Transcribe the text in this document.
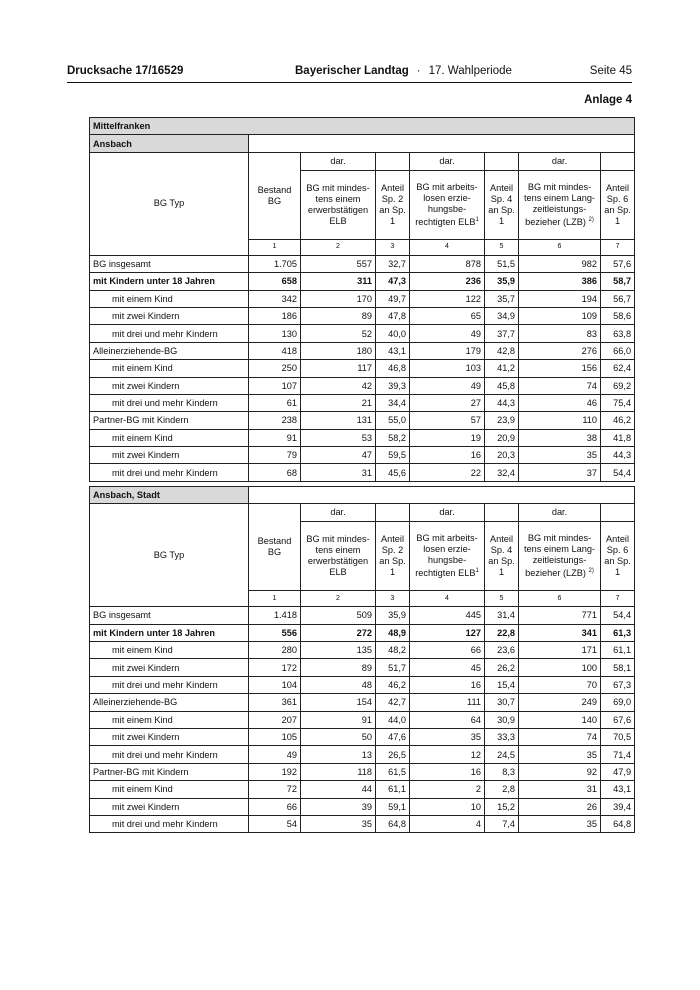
Drucksache 17/16529	Bayerischer Landtag · 17. Wahlperiode	Seite 45
Anlage 4
Mittelfranken							
Ansbach							
BG Typ	Bestand BG	dar.		dar.		dar.	
		BG mit mindes-tens einem erwerbstätigen ELB	Anteil Sp. 2 an Sp. 1	BG mit arbeits-losen erzie-hungsbe-rechtigten ELB$^1$	Anteil Sp. 4 an Sp. 1	BG mit mindes-tens einem Lang-zeitleistungs-bezieher (LZB) $^{2)}$	Anteil Sp. 6 an Sp. 1
	1	2	3	4	5	6	7
BG insgesamt	1.705	557	32,7	878	51,5	982	57,6
mit Kindern unter 18 Jahren	658	311	47,3	236	35,9	386	58,7
mit einem Kind	342	170	49,7	122	35,7	194	56,7
mit zwei Kindern	186	89	47,8	65	34,9	109	58,6
mit drei und mehr Kindern	130	52	40,0	49	37,7	83	63,8
Alleinerziehende-BG	418	180	43,1	179	42,8	276	66,0
mit einem Kind	250	117	46,8	103	41,2	156	62,4
mit zwei Kindern	107	42	39,3	49	45,8	74	69,2
mit drei und mehr Kindern	61	21	34,4	27	44,3	46	75,4
Partner-BG mit Kindern	238	131	55,0	57	23,9	110	46,2
mit einem Kind	91	53	58,2	19	20,9	38	41,8
mit zwei Kindern	79	47	59,5	16	20,3	35	44,3
mit drei und mehr Kindern	68	31	45,6	22	32,4	37	54,4

Ansbach, Stadt							
BG Typ	Bestand BG	dar.		dar.		dar.	
		BG mit mindes-tens einem erwerbstätigen ELB	Anteil Sp. 2 an Sp. 1	BG mit arbeits-losen erzie-hungsbe-rechtigten ELB$^1$	Anteil Sp. 4 an Sp. 1	BG mit mindes-tens einem Lang-zeitleistungs-bezieher (LZB) $^{2)}$	Anteil Sp. 6 an Sp. 1
	1	2	3	4	5	6	7
BG insgesamt	1.418	509	35,9	445	31,4	771	54,4
mit Kindern unter 18 Jahren	556	272	48,9	127	22,8	341	61,3
mit einem Kind	280	135	48,2	66	23,6	171	61,1
mit zwei Kindern	172	89	51,7	45	26,2	100	58,1
mit drei und mehr Kindern	104	48	46,2	16	15,4	70	67,3
Alleinerziehende-BG	361	154	42,7	111	30,7	249	69,0
mit einem Kind	207	91	44,0	64	30,9	140	67,6
mit zwei Kindern	105	50	47,6	35	33,3	74	70,5
mit drei und mehr Kindern	49	13	26,5	12	24,5	35	71,4
Partner-BG mit Kindern	192	118	61,5	16	8,3	92	47,9
mit einem Kind	72	44	61,1	2	2,8	31	43,1
mit zwei Kindern	66	39	59,1	10	15,2	26	39,4
mit drei und mehr Kindern	54	35	64,8	4	7,4	35	64,8
